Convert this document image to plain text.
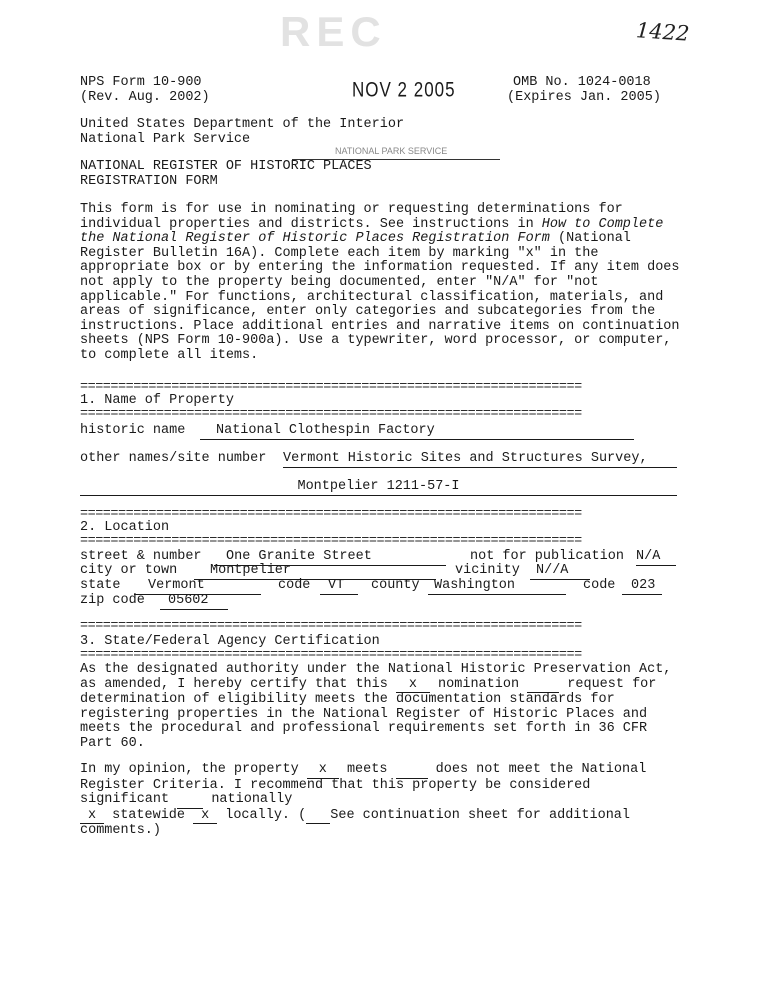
REC	1422
NOV 2 2005
NPS Form 10-900
(Rev. Aug. 2002)
OMB No. 1024-0018
(Expires Jan. 2005)
United States Department of the Interior
National Park Service
NATIONAL PARK SERVICE
NATIONAL REGISTER OF HISTORIC PLACES
REGISTRATION FORM
This form is for use in nominating or requesting determinations for individual properties and districts. See instructions in How to Complete the National Register of Historic Places Registration Form (National Register Bulletin 16A). Complete each item by marking "x" in the appropriate box or by entering the information requested. If any item does not apply to the property being documented, enter "N/A" for "not applicable." For functions, architectural classification, materials, and areas of significance, enter only categories and subcategories from the instructions. Place additional entries and narrative items on continuation sheets (NPS Form 10-900a). Use a typewriter, word processor, or computer, to complete all items.
==================================================================
1. Name of Property
==================================================================
historic name	National Clothespin Factory
other names/site number Vermont Historic Sites and Structures Survey,
Montpelier 1211-57-I
==================================================================
2. Location
==================================================================
street & number	One Granite Street	not for publication N/A
city or town	Montpelier	vicinity	N//A
state	Vermont	code	VT	county	Washington	code	023
zip code	05602
==================================================================
3. State/Federal Agency Certification
==================================================================
As the designated authority under the National Historic Preservation Act, as amended, I hereby certify that this x nomination  request for determination of eligibility meets the documentation standards for registering properties in the National Register of Historic Places and meets the procedural and professional requirements set forth in 36 CFR Part 60.
In my opinion, the property x meets  does not meet the National Register Criteria. I recommend that this property be considered significant  nationally
x statewide x locally. ( See continuation sheet for additional comments.)
